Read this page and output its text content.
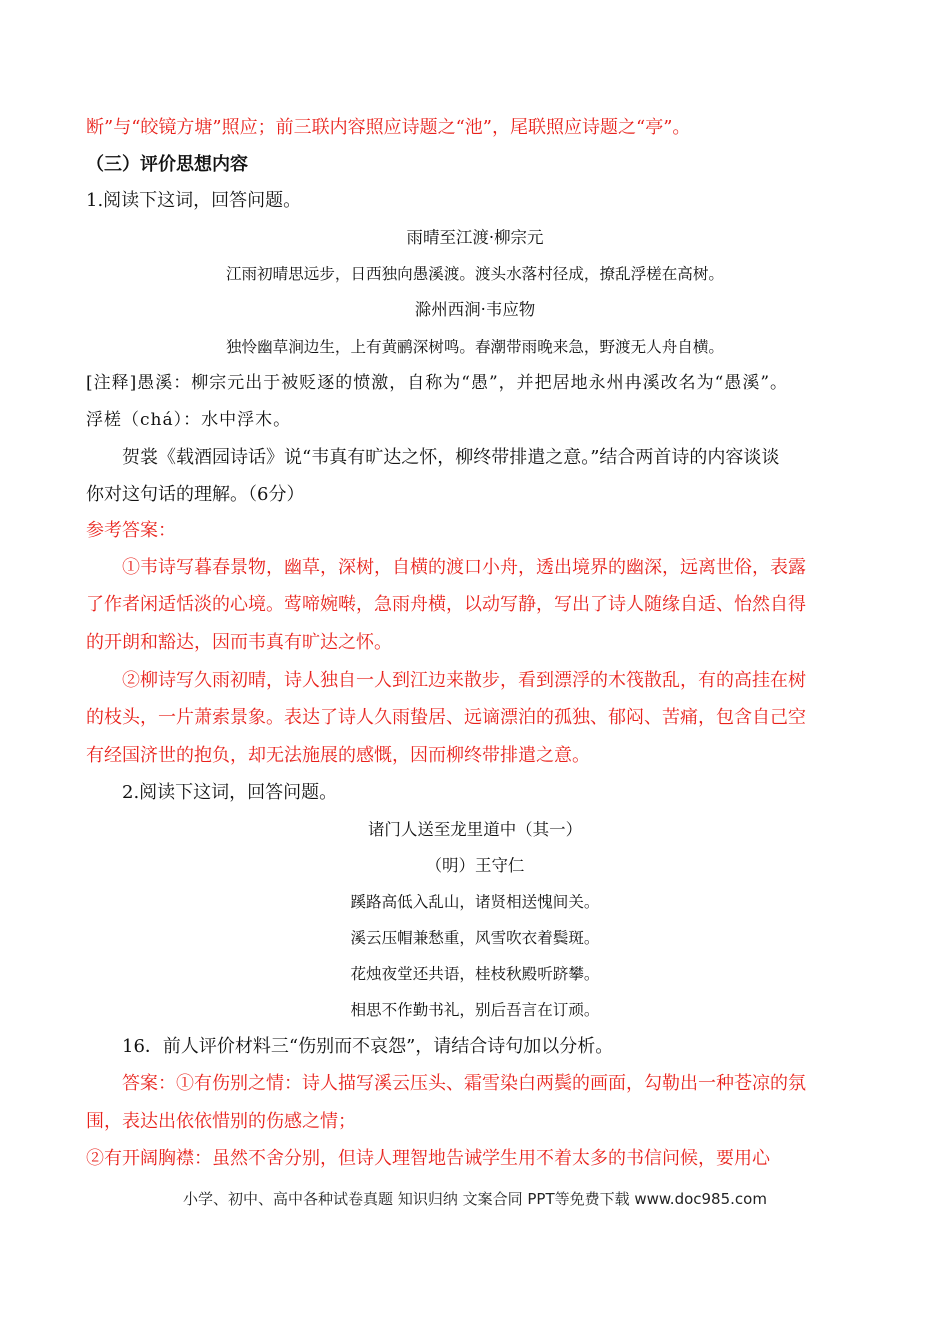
断”与“皎镜方塘”照应；前三联内容照应诗题之“池”，尾联照应诗题之“亭”。
（三）评价思想内容
1.阅读下这词，回答问题。
雨晴至江渡·柳宗元
江雨初晴思远步，日西独向愚溪渡。渡头水落村径成，撩乱浮槎在高树。
滁州西涧·韦应物
独怜幽草涧边生，上有黄鹂深树鸣。春潮带雨晚来急，野渡无人舟自横。
[注释]愚溪：柳宗元出于被贬逐的愤激，自称为“愚”，并把居地永州冉溪改名为“愚溪”。
浮槎（chá）：水中浮木。
贺裳《载酒园诗话》说“韦真有旷达之怀，柳终带排遣之意。”结合两首诗的内容谈谈
你对这句话的理解。（6分）
参考答案：
①韦诗写暮春景物，幽草，深树，自横的渡口小舟，透出境界的幽深，远离世俗，表露
了作者闲适恬淡的心境。莺啼婉啭，急雨舟横，以动写静，写出了诗人随缘自适、怡然自得
的开朗和豁达，因而韦真有旷达之怀。
②柳诗写久雨初晴，诗人独自一人到江边来散步，看到漂浮的木筏散乱，有的高挂在树
的枝头，一片萧索景象。表达了诗人久雨蛰居、远谪漂泊的孤独、郁闷、苦痛，包含自己空
有经国济世的抱负，却无法施展的感慨，因而柳终带排遣之意。
2.阅读下这词，回答问题。
诸门人送至龙里道中（其一）
（明）王守仁
蹊路高低入乱山，诸贤相送愧间关。
溪云压帽兼愁重，风雪吹衣着鬓斑。
花烛夜堂还共语，桂枝秋殿听跻攀。
相思不作勤书礼，别后吾言在订顽。
16．前人评价材料三“伤别而不哀怨”，请结合诗句加以分析。
答案：①有伤别之情：诗人描写溪云压头、霜雪染白两鬓的画面，勾勒出一种苍凉的氛
围，表达出依依惜别的伤感之情；
②有开阔胸襟：虽然不舍分别，但诗人理智地告诫学生用不着太多的书信问候，要用心
小学、初中、高中各种试卷真题 知识归纳 文案合同 PPT等免费下载 www.doc985.com
